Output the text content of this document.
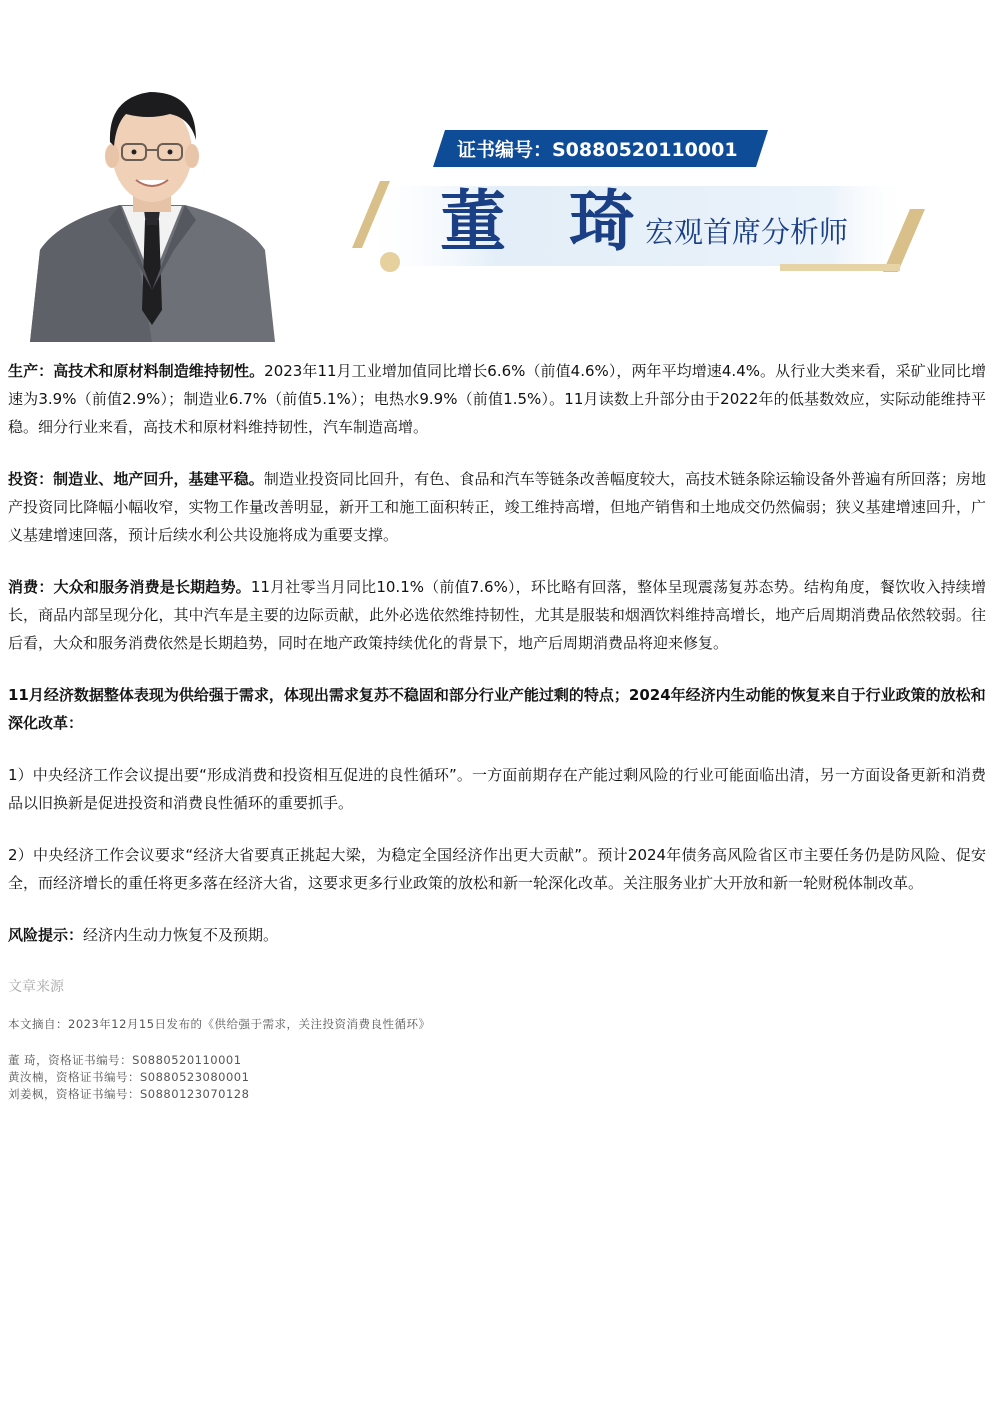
证书编号：S0880520110001
董 琦
宏观首席分析师

生产：高技术和原材料制造维持韧性。2023年11月工业增加值同比增长6.6%（前值4.6%），两年平均增速4.4%。从行业大类来看，采矿业同比增速为3.9%（前值2.9%）；制造业6.7%（前值5.1%）；电热水9.9%（前值1.5%）。11月读数上升部分由于2022年的低基数效应，实际动能维持平稳。细分行业来看，高技术和原材料维持韧性，汽车制造高增。

投资：制造业、地产回升，基建平稳。制造业投资同比回升，有色、食品和汽车等链条改善幅度较大，高技术链条除运输设备外普遍有所回落；房地产投资同比降幅小幅收窄，实物工作量改善明显，新开工和施工面积转正，竣工维持高增，但地产销售和土地成交仍然偏弱；狭义基建增速回升，广义基建增速回落，预计后续水利公共设施将成为重要支撑。

消费：大众和服务消费是长期趋势。11月社零当月同比10.1%（前值7.6%），环比略有回落，整体呈现震荡复苏态势。结构角度，餐饮收入持续增长，商品内部呈现分化，其中汽车是主要的边际贡献，此外必选依然维持韧性，尤其是服装和烟酒饮料维持高增长，地产后周期消费品依然较弱。往后看，大众和服务消费依然是长期趋势，同时在地产政策持续优化的背景下，地产后周期消费品将迎来修复。

11月经济数据整体表现为供给强于需求，体现出需求复苏不稳固和部分行业产能过剩的特点；2024年经济内生动能的恢复来自于行业政策的放松和深化改革：

1）中央经济工作会议提出要“形成消费和投资相互促进的良性循环”。一方面前期存在产能过剩风险的行业可能面临出清，另一方面设备更新和消费品以旧换新是促进投资和消费良性循环的重要抓手。

2）中央经济工作会议要求“经济大省要真正挑起大梁，为稳定全国经济作出更大贡献”。预计2024年债务高风险省区市主要任务仍是防风险、促安全，而经济增长的重任将更多落在经济大省，这要求更多行业政策的放松和新一轮深化改革。关注服务业扩大开放和新一轮财税体制改革。

风险提示：经济内生动力恢复不及预期。

文章来源
本文摘自：2023年12月15日发布的《供给强于需求，关注投资消费良性循环》
董 琦，资格证书编号：S0880520110001
黄汝楠，资格证书编号：S0880523080001
刘姜枫，资格证书编号：S0880123070128
